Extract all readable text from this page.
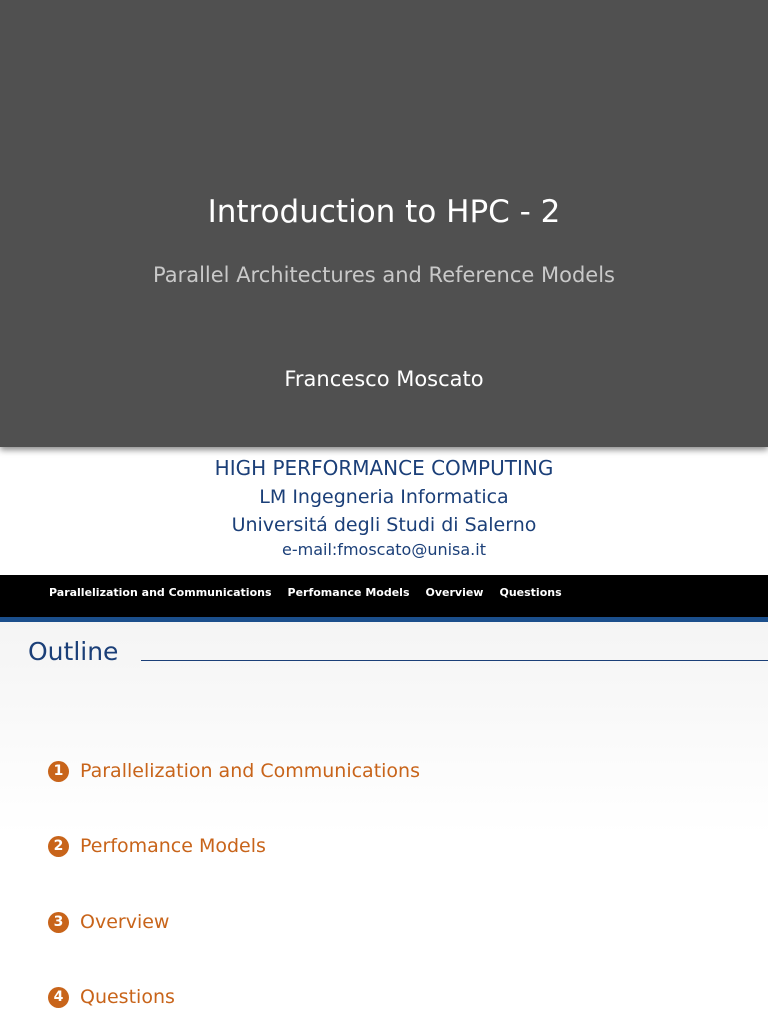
Introduction to HPC - 2
Parallel Architectures and Reference Models
Francesco Moscato
HIGH PERFORMANCE COMPUTING
LM Ingegneria Informatica
Universitá degli Studi di Salerno
e-mail:fmoscato@unisa.it
Parallelization and Communications Perfomance Models Overview Questions
Outline
1 Parallelization and Communications
2 Perfomance Models
3 Overview
4 Questions
